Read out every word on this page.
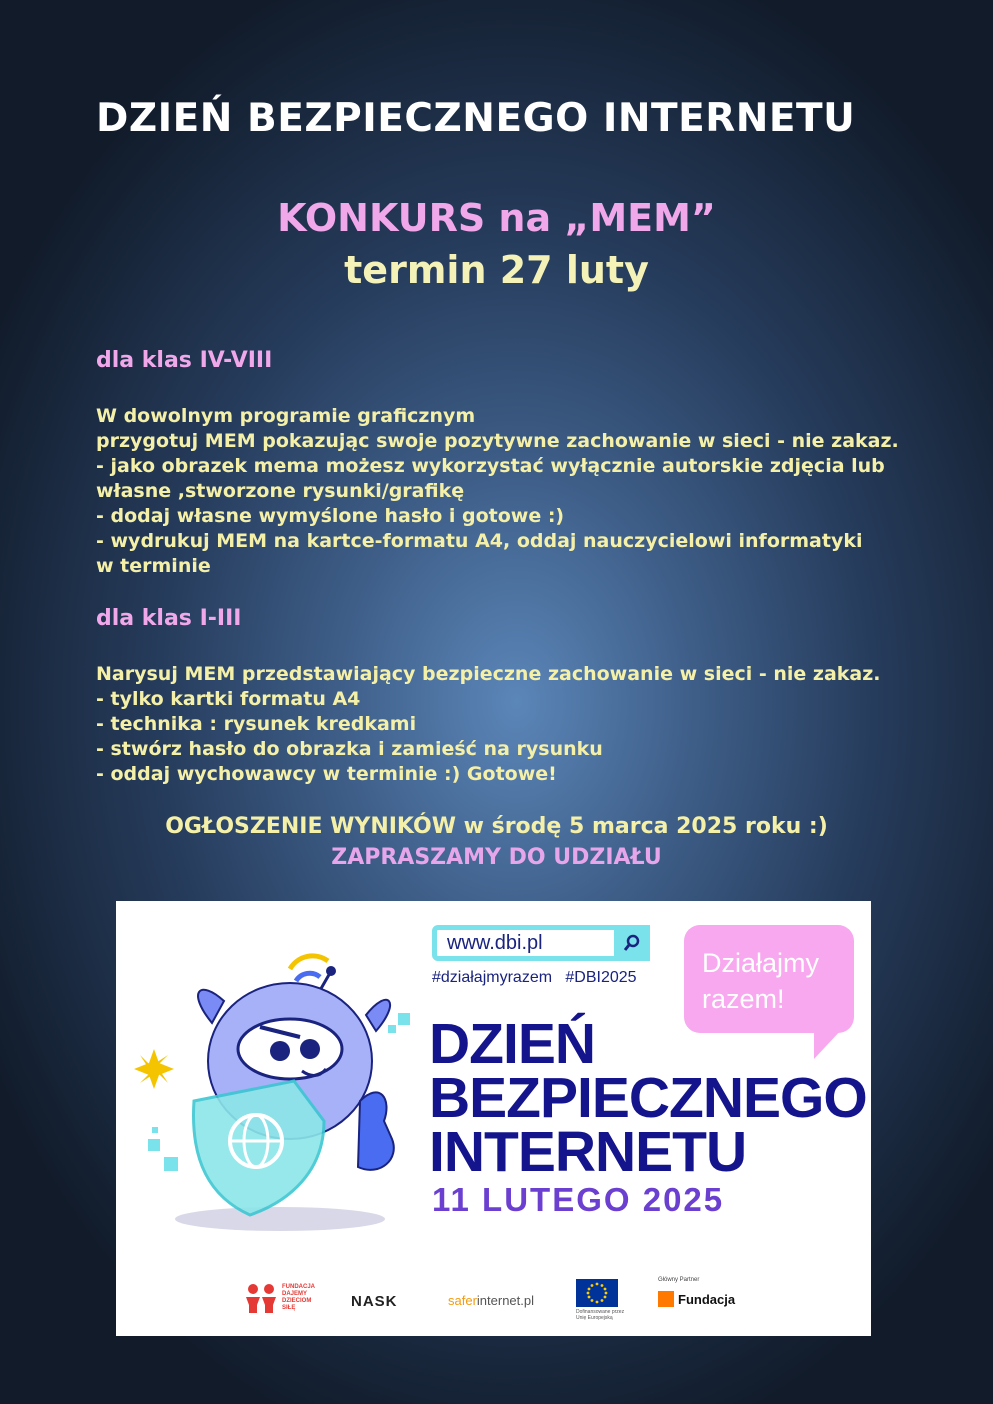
DZIEŃ BEZPIECZNEGO INTERNETU
KONKURS na „MEM”
termin 27 luty
dla klas IV-VIII
W dowolnym programie graficznym
przygotuj MEM pokazując swoje pozytywne zachowanie w sieci - nie zakaz.
- jako obrazek mema możesz wykorzystać wyłącznie autorskie zdjęcia lub
własne ,stworzone rysunki/grafikę
- dodaj własne wymyślone hasło i gotowe :)
- wydrukuj MEM na kartce-formatu A4, oddaj nauczycielowi informatyki
w terminie
dla klas I-III
Narysuj MEM przedstawiający bezpieczne zachowanie w sieci - nie zakaz.
- tylko kartki formatu A4
- technika : rysunek kredkami
- stwórz hasło do obrazka i zamieść na rysunku
- oddaj wychowawcy w terminie :) Gotowe!
OGŁOSZENIE WYNIKÓW w środę 5 marca 2025 roku :)
ZAPRASZAMY DO UDZIAŁU
www.dbi.pl
#działajmyrazem   #DBI2025 Działajmy
razem!
DZIEŃ
BEZPIECZNEGO
INTERNETU
11 LUTEGO 2025
FUNDACJA DAJEMY DZIECIOM SIŁĘ	NASK	saferinternet.pl
Dofinansowane przez Unię Europejską
Główny Partner
Fundacja
